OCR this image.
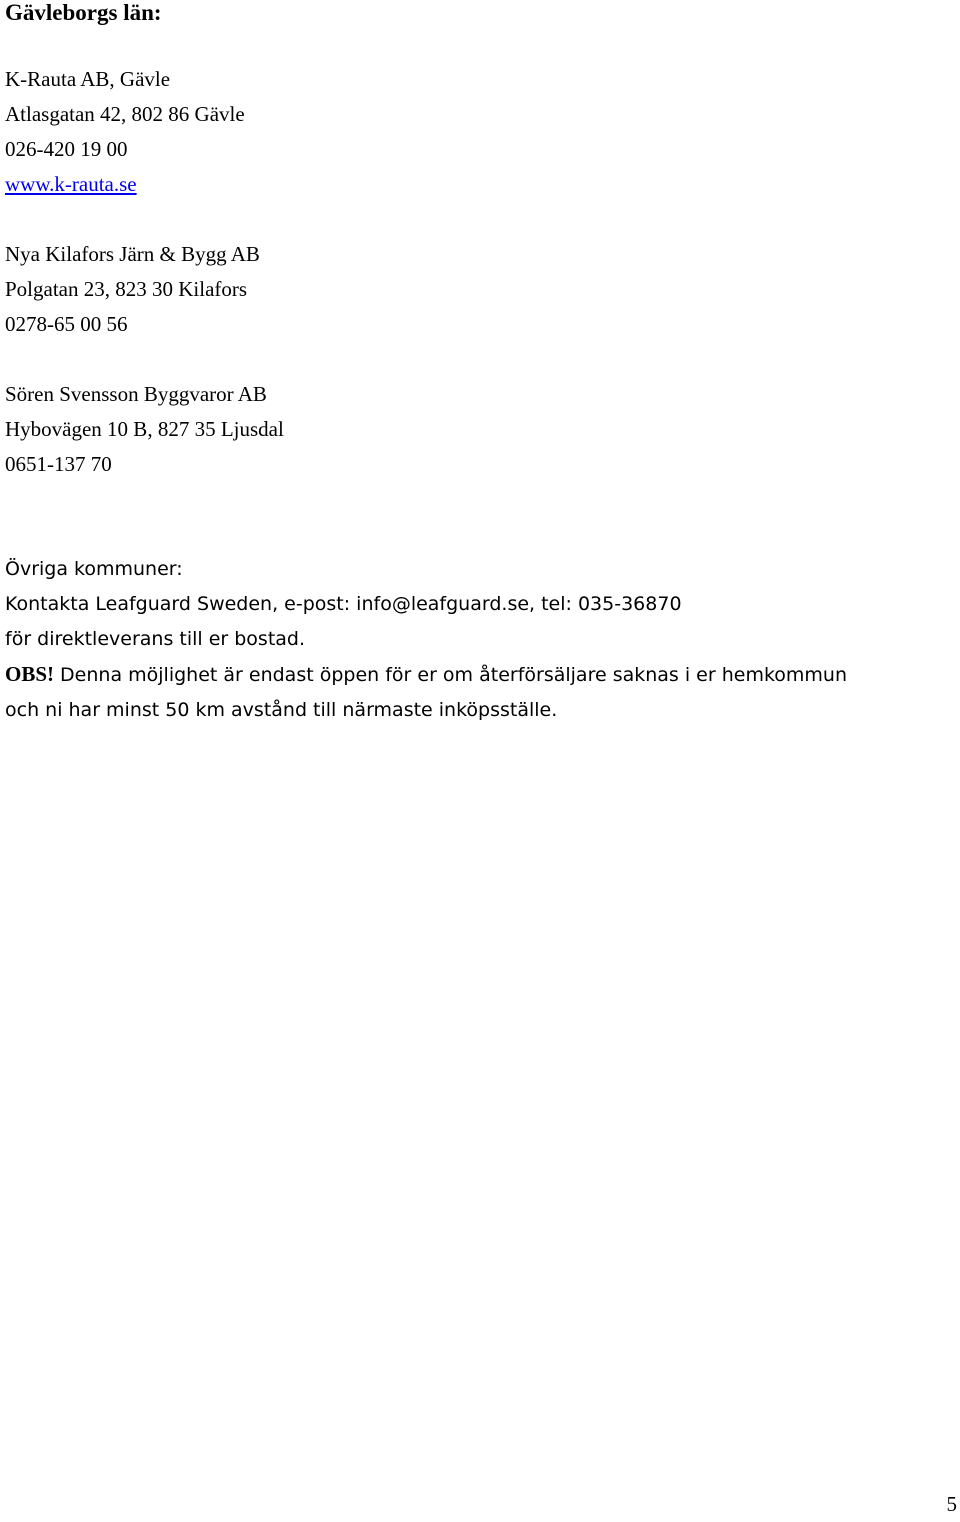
Gävleborgs län:
K-Rauta AB, Gävle
Atlasgatan 42, 802 86 Gävle
026-420 19 00
www.k-rauta.se
Nya Kilafors Järn & Bygg AB
Polgatan 23, 823 30 Kilafors
0278-65 00 56
Sören Svensson Byggvaror AB
Hybovägen 10 B, 827 35 Ljusdal
0651-137 70
Övriga kommuner:
Kontakta Leafguard Sweden, e-post: info@leafguard.se, tel: 035-36870
för direktleverans till er bostad.
OBS! Denna möjlighet är endast öppen för er om återförsäljare saknas i er hemkommun
och ni har minst 50 km avstånd till närmaste inköpsställe.
5
